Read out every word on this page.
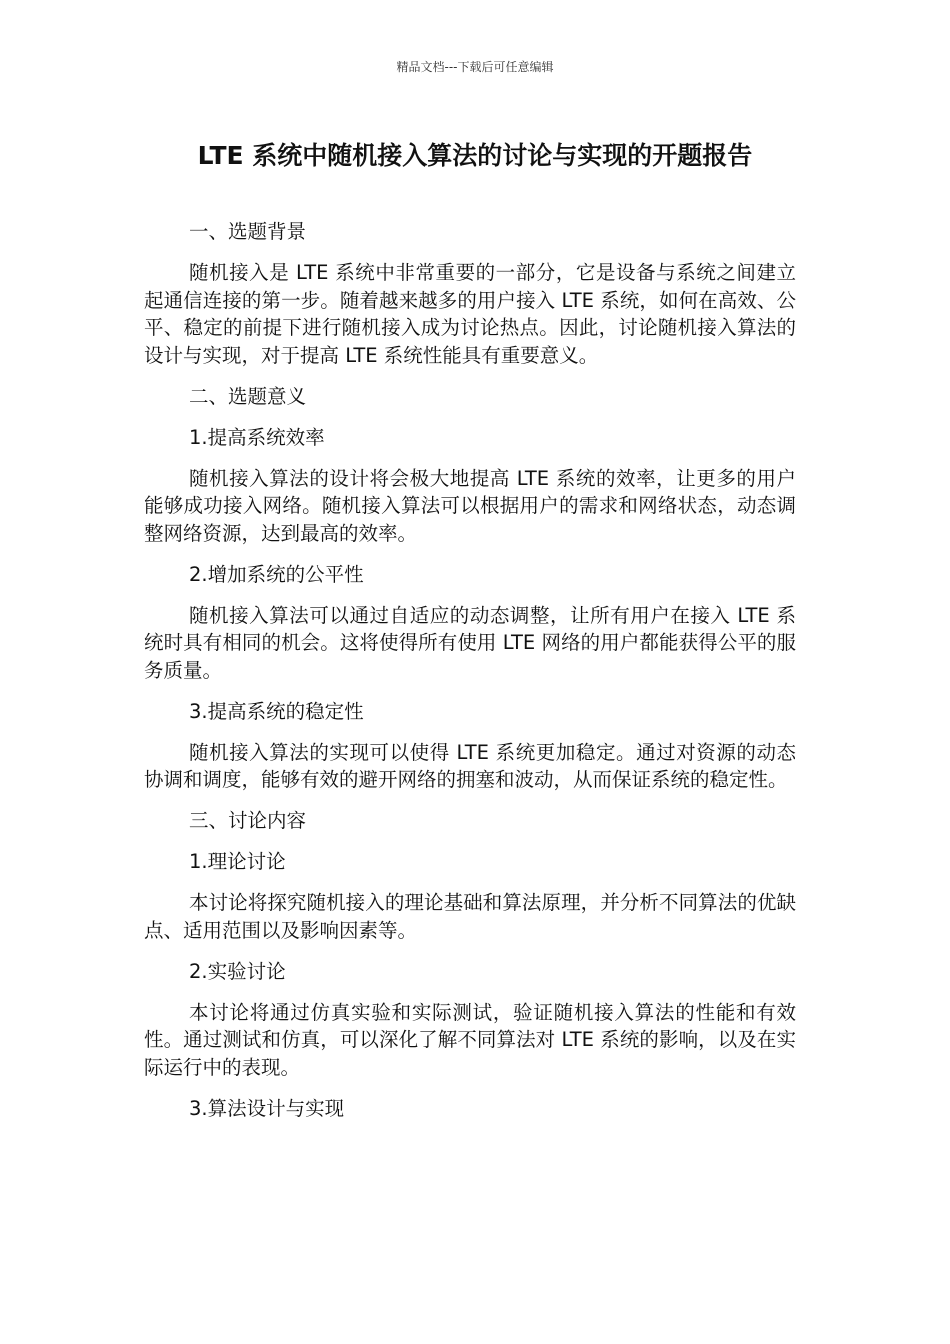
精品文档---下载后可任意编辑
LTE 系统中随机接入算法的讨论与实现的开题报告

一、选题背景

随机接入是 LTE 系统中非常重要的一部分，它是设备与系统之间建立起通信连接的第一步。随着越来越多的用户接入 LTE 系统，如何在高效、公平、稳定的前提下进行随机接入成为讨论热点。因此，讨论随机接入算法的设计与实现，对于提高 LTE 系统性能具有重要意义。

二、选题意义

1.提高系统效率

随机接入算法的设计将会极大地提高 LTE 系统的效率，让更多的用户能够成功接入网络。随机接入算法可以根据用户的需求和网络状态，动态调整网络资源，达到最高的效率。

2.增加系统的公平性

随机接入算法可以通过自适应的动态调整，让所有用户在接入 LTE 系统时具有相同的机会。这将使得所有使用 LTE 网络的用户都能获得公平的服务质量。

3.提高系统的稳定性

随机接入算法的实现可以使得 LTE 系统更加稳定。通过对资源的动态协调和调度，能够有效的避开网络的拥塞和波动，从而保证系统的稳定性。

三、讨论内容

1.理论讨论

本讨论将探究随机接入的理论基础和算法原理，并分析不同算法的优缺点、适用范围以及影响因素等。

2.实验讨论

本讨论将通过仿真实验和实际测试，验证随机接入算法的性能和有效性。通过测试和仿真，可以深化了解不同算法对 LTE 系统的影响，以及在实际运行中的表现。

3.算法设计与实现
